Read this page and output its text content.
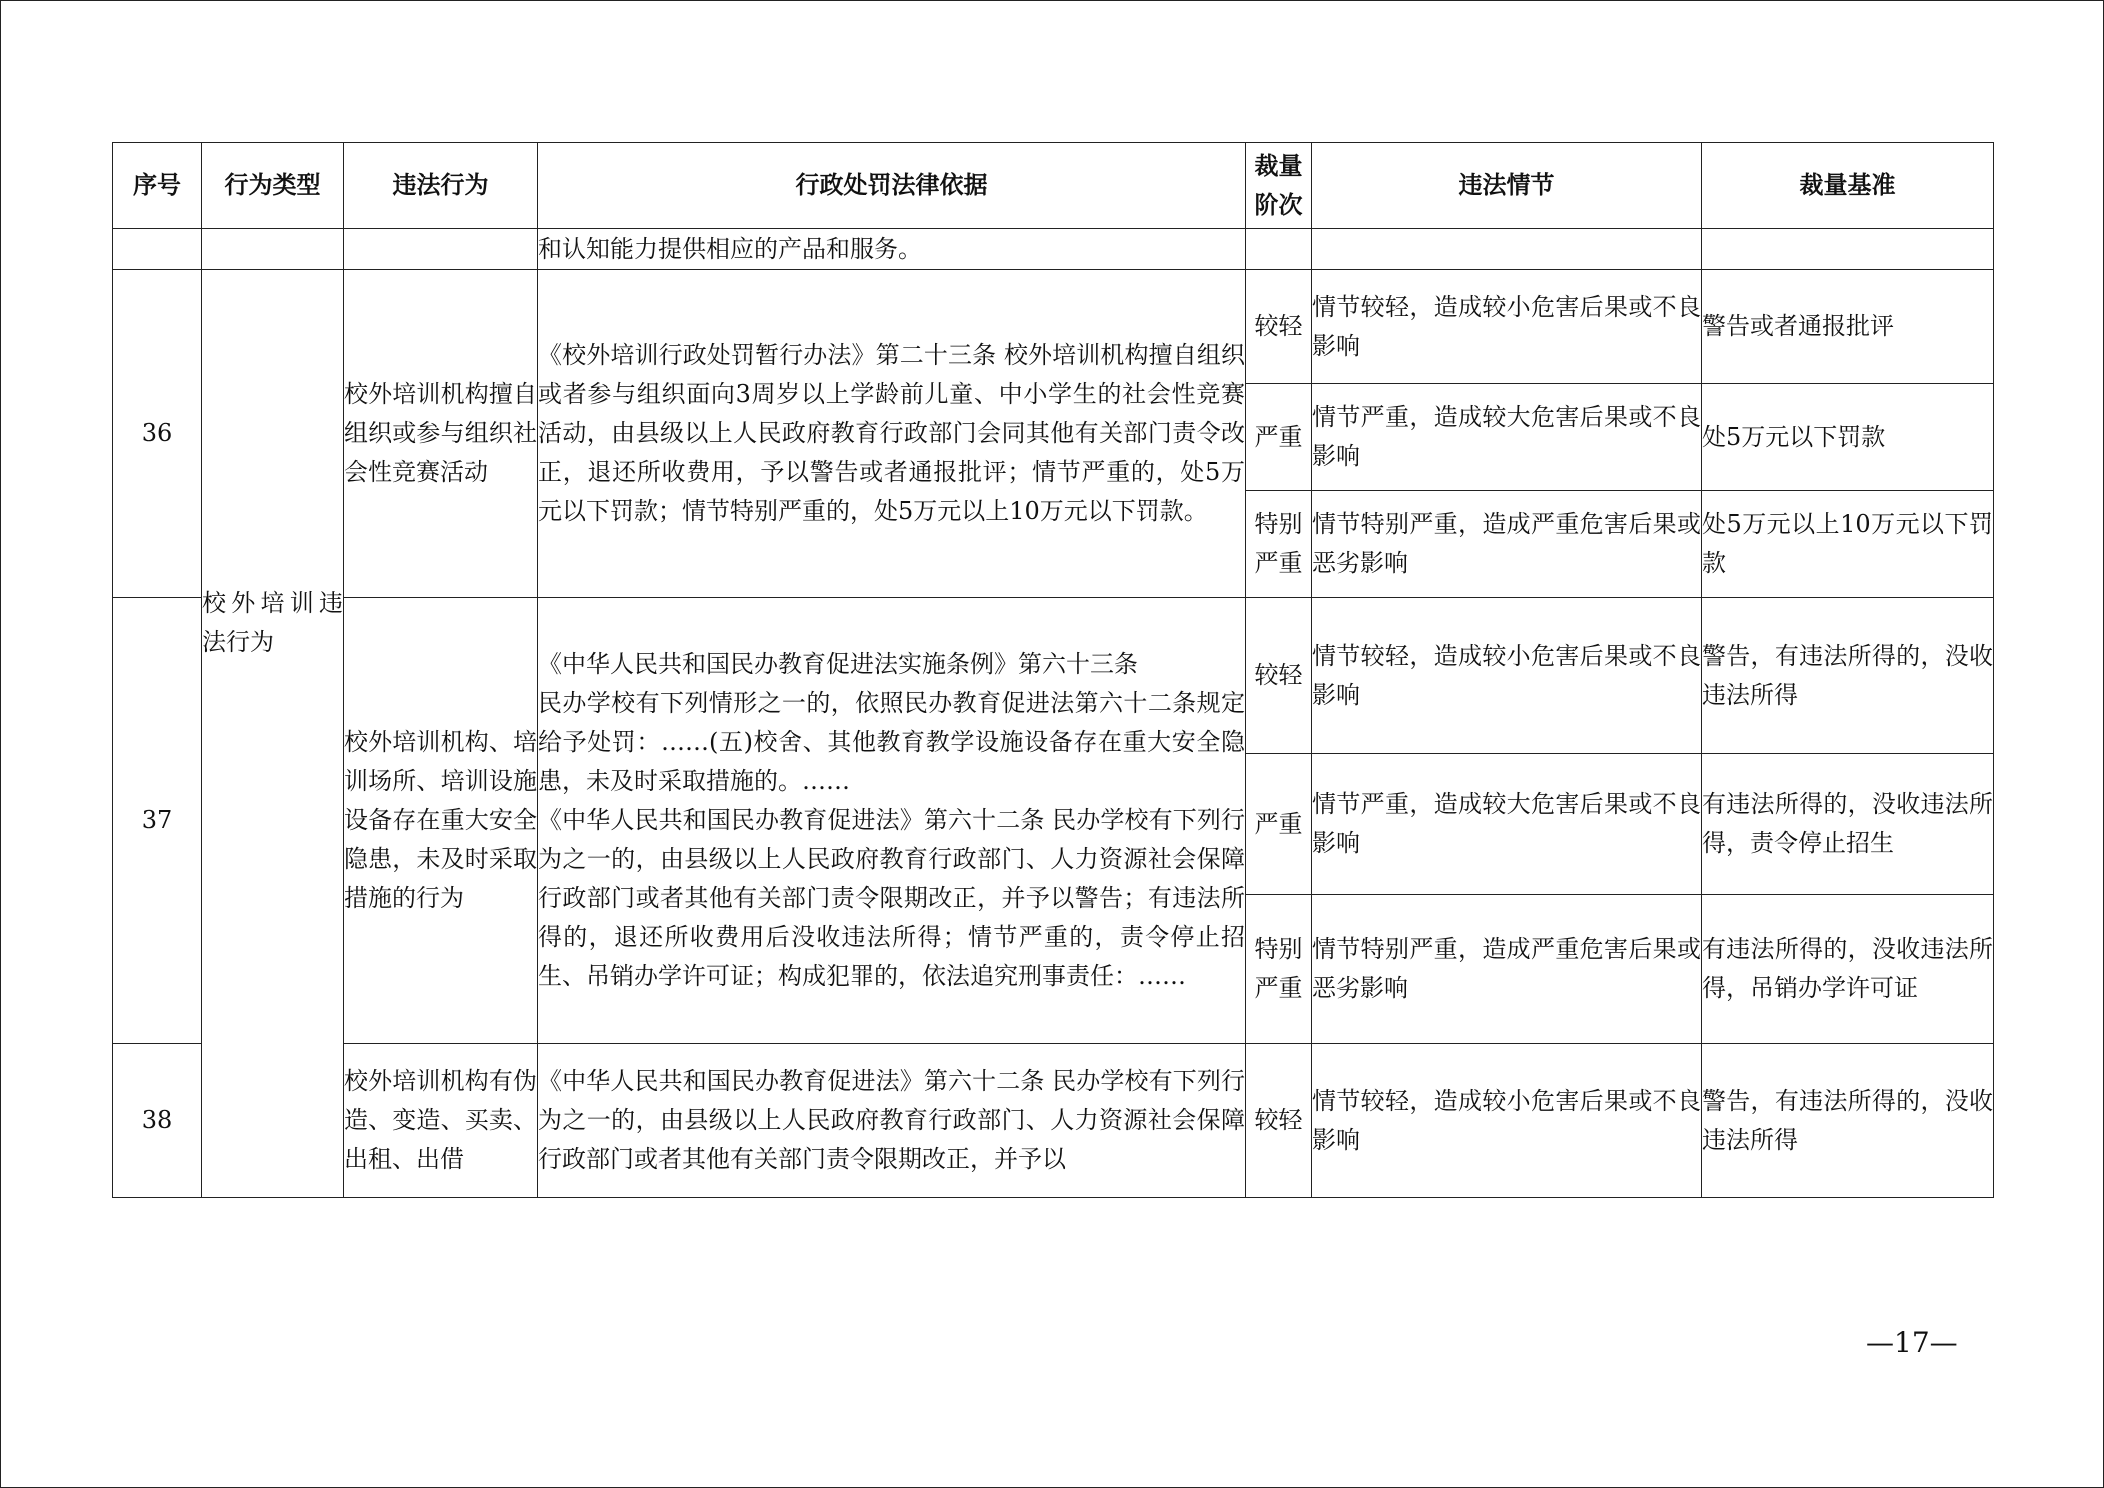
序号	行为类型	违法行为	行政处罚法律依据	裁量
阶次	违法情节	裁量基准
			和认知能力提供相应的产品和服务。			
36		校外培训机构擅自组织或参与组织社会性竞赛活动	《校外培训行政处罚暂行办法》第二十三条 校外培训机构擅自组织或者参与组织面向3周岁以上学龄前儿童、中小学生的社会性竞赛活动，由县级以上人民政府教育行政部门会同其他有关部门责令改正，退还所收费用，予以警告或者通报批评；情节严重的，处5万元以下罚款；情节特别严重的，处5万元以上10万元以下罚款。	较轻	情节较轻，造成较小危害后果或不良影响	警告或者通报批评
				严重	情节严重，造成较大危害后果或不良影响	处5万元以下罚款
				特别严重	情节特别严重，造成严重危害后果或恶劣影响	处5万元以上10万元以下罚款
37	校外培训违法行为	校外培训机构、培训场所、培训设施设备存在重大安全隐患，未及时采取措施的行为	《中华人民共和国民办教育促进法实施条例》第六十三条

民办学校有下列情形之一的，依照民办教育促进法第六十二条规定给予处罚：……(五)校舍、其他教育教学设施设备存在重大安全隐患，未及时采取措施的。……

《中华人民共和国民办教育促进法》第六十二条 民办学校有下列行为之一的，由县级以上人民政府教育行政部门、人力资源社会保障行政部门或者其他有关部门责令限期改正，并予以警告；有违法所得的，退还所收费用后没收违法所得；情节严重的，责令停止招生、吊销办学许可证；构成犯罪的，依法追究刑事责任：……	较轻	情节较轻，造成较小危害后果或不良影响	警告，有违法所得的，没收违法所得
				严重	情节严重，造成较大危害后果或不良影响	有违法所得的，没收违法所得，责令停止招生
				特别严重	情节特别严重，造成严重危害后果或恶劣影响	有违法所得的，没收违法所得，吊销办学许可证
38		校外培训机构有伪造、变造、买卖、出租、出借	《中华人民共和国民办教育促进法》第六十二条 民办学校有下列行为之一的，由县级以上人民政府教育行政部门、人力资源社会保障行政部门或者其他有关部门责令限期改正，并予以	较轻	情节较轻，造成较小危害后果或不良影响	警告，有违法所得的，没收违法所得
—17—
